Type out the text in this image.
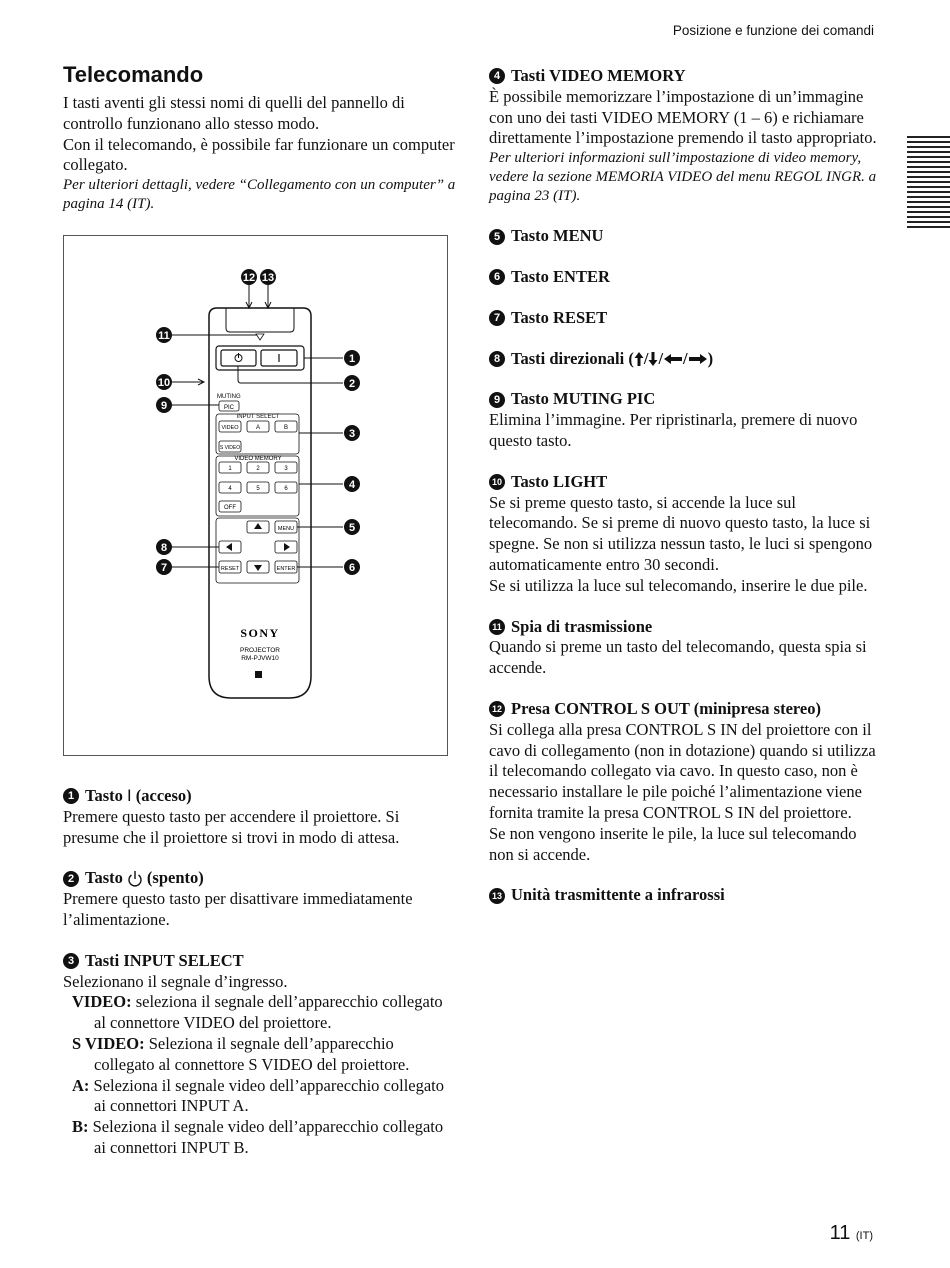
Posizione e funzione dei comandi
Telecomando

I tasti aventi gli stessi nomi di quelli del pannello di controllo funzionano allo stesso modo.

Con il telecomando, è possibile far funzionare un computer collegato.

Per ulteriori dettagli, vedere “Collegamento con un computer” a pagina 14 (IT).

MUTING
PIC
INPUT SELECT
VIDEO	A	B
S VIDEO
VIDEO MEMORY
1	2	3
4	5	6
OFF
MENU
RESET	ENTER
SONY
PROJECTOR
RM-PJVW10
12 13
11
1
2
10
9
3
4
5
8
7	6
1 Tasto I (acceso)

Premere questo tasto per accendere il proiettore. Si presume che il proiettore si trovi in modo di attesa.

2 Tasto (spento)

Premere questo tasto per disattivare immediatamente l’alimentazione.

3 Tasti INPUT SELECT

Selezionano il segnale d’ingresso.

VIDEO: seleziona il segnale dell’apparecchio collegato al connettore VIDEO del proiettore.

S VIDEO: Seleziona il segnale dell’apparecchio collegato al connettore S VIDEO del proiettore.

A: Seleziona il segnale video dell’apparecchio collegato ai connettori INPUT A.

B: Seleziona il segnale video dell’apparecchio collegato ai connettori INPUT B.

4 Tasti VIDEO MEMORY

È possibile memorizzare l’impostazione di un’immagine con uno dei tasti VIDEO MEMORY (1 – 6) e richiamare direttamente l’impostazione premendo il tasto appropriato.

Per ulteriori informazioni sull’impostazione di video memory, vedere la sezione MEMORIA VIDEO del menu REGOL INGR. a pagina 23 (IT).

5 Tasto MENU
6 Tasto ENTER
7 Tasto RESET
8 Tasti direzionali ( / / / )
9 Tasto MUTING PIC

Elimina l’immagine. Per ripristinarla, premere di nuovo questo tasto.

10 Tasto LIGHT

Se si preme questo tasto, si accende la luce sul telecomando. Se si preme di nuovo questo tasto, la luce si spegne. Se non si utilizza nessun tasto, le luci si spengono automaticamente entro 30 secondi.

Se si utilizza la luce sul telecomando, inserire le due pile.

11 Spia di trasmissione

Quando si preme un tasto del telecomando, questa spia si accende.

12 Presa CONTROL S OUT (minipresa stereo)

Si collega alla presa CONTROL S IN del proiettore con il cavo di collegamento (non in dotazione) quando si utilizza il telecomando collegato via cavo. In questo caso, non è necessario installare le pile poiché l’alimentazione viene fornita tramite la presa CONTROL S IN del proiettore.

Se non vengono inserite le pile, la luce sul telecomando non si accende.

13 Unità trasmittente a infrarossi
11 (IT)
